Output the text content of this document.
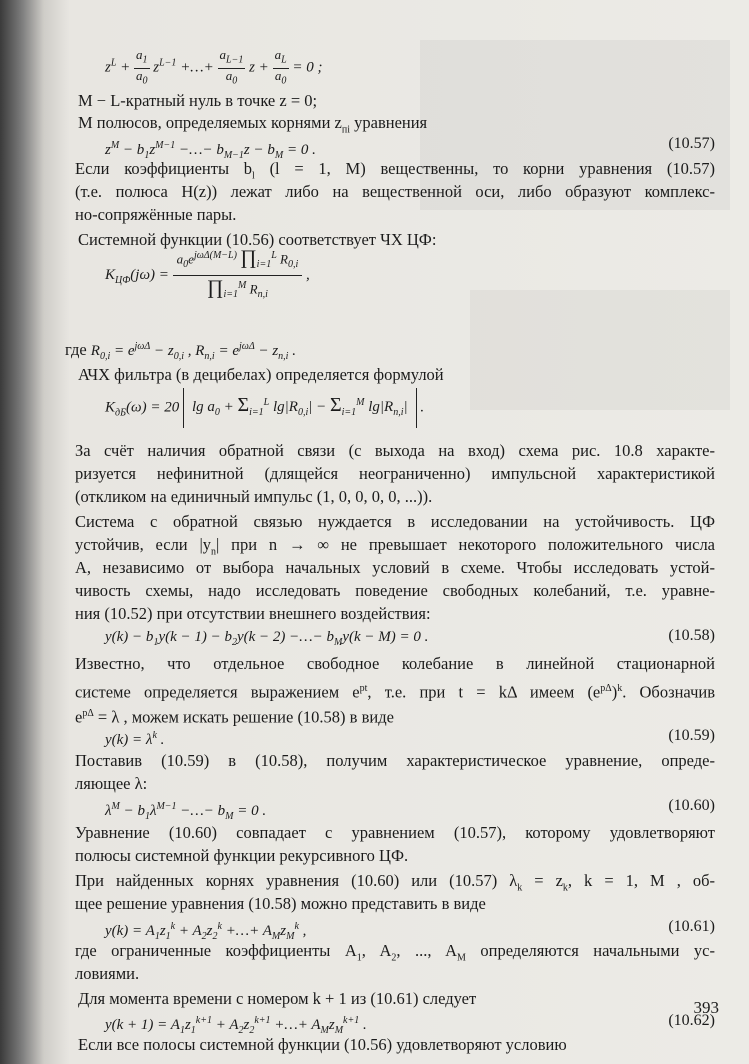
$z^L + \frac{a_1}{a_0} z^{L-1}$ +…+ $\frac{a_{L-1}}{a_0}$ $z + \frac{a_L}{a_0} = 0$ ;
M − L-кратный нуль в точке z = 0;
M полюсов, определяемых корнями $z_{пi}$ уравнения
$z^M - b_1z^{M-1}$ −…− $b_{M-1}z - b_M = 0$ .	(10.57)
Если коэффициенты $b_l$ (l = 1, M) вещественны, то корни уравнения (10.57)
(т.е. полюса H(z)) лежат либо на вещественной оси, либо образуют комплекс-
но-сопряжённые пары.
Системной функции (10.56) соответствует ЧХ ЦФ:
$K_{ЦФ}(j\omega) = \frac{a_0e^{j\omega\Delta(M-L)} \prod_{i=1}^L R_{0,i}}{\prod_{i=1}^M R_{п,i}}$ ,
где $R_{0,i} = e^{j\omega\Delta} - z_{0,i}$ , $R_{п,i} = e^{j\omega\Delta} - z_{п,i}$ .
АЧХ фильтра (в децибелах) определяется формулой
$K_{дБ}(\omega) = 20$ $\lg a_0 + \Sigma_{i=1}^L$ $\lg|R_{0,i}| - \Sigma_{i=1}^M$ $\lg|R_{п,i}|$ .
За счёт наличия обратной связи (с выхода на вход) схема рис. 10.8 характе-
ризуется нефинитной (длящейся неограниченно) импульсной характеристикой
(откликом на единичный импульс (1, 0, 0, 0, 0, ...)).
Система с обратной связью нуждается в исследовании на устойчивость. ЦФ
устойчив, если $|y_n|$ при n → ∞ не превышает некоторого положительного числа
A, независимо от выбора начальных условий в схеме. Чтобы исследовать устой-
чивость схемы, надо исследовать поведение свободных колебаний, т.е. уравне-
ния (10.52) при отсутствии внешнего воздействия:
$y(k) - b_1y(k - 1) - b_2y(k - 2)$ −…− $b_My(k - M) = 0$ .	(10.58)
Известно, что отдельное свободное колебание в линейной стационарной
системе определяется выражением $e^{pt}$, т.е. при t = kΔ имеем $(e^{p\Delta})^k$. Обозначив
$e^{p\Delta} = \lambda$ , можем искать решение (10.58) в виде
$y(k) = \lambda^k$ .	(10.59)
Поставив (10.59) в (10.58), получим характеристическое уравнение, опреде-
ляющее λ:
$\lambda^M - b_1\lambda^{M-1}$ −…− $b_M = 0$ .	(10.60)
Уравнение (10.60) совпадает с уравнением (10.57), которому удовлетворяют
полюсы системной функции рекурсивного ЦФ.
При найденных корнях уравнения (10.60) или (10.57) $\lambda_k = z_k$, k = 1, M , об-
щее решение уравнения (10.58) можно представить в виде
$y(k) = A_1z_1^k + A_2z_2^k$ +…+ $A_Mz_M^k$ ,	(10.61)
где ограниченные коэффициенты $A_1$, $A_2$, ..., $A_M$ определяются начальными ус-
ловиями.
Для момента времени с номером k + 1 из (10.61) следует
$y(k + 1) = A_1z_1^{k+1} + A_2z_2^{k+1}$ +…+ $A_Mz_M^{k+1}$ .	(10.62)
Если все полосы системной функции (10.56) удовлетворяют условию
393
